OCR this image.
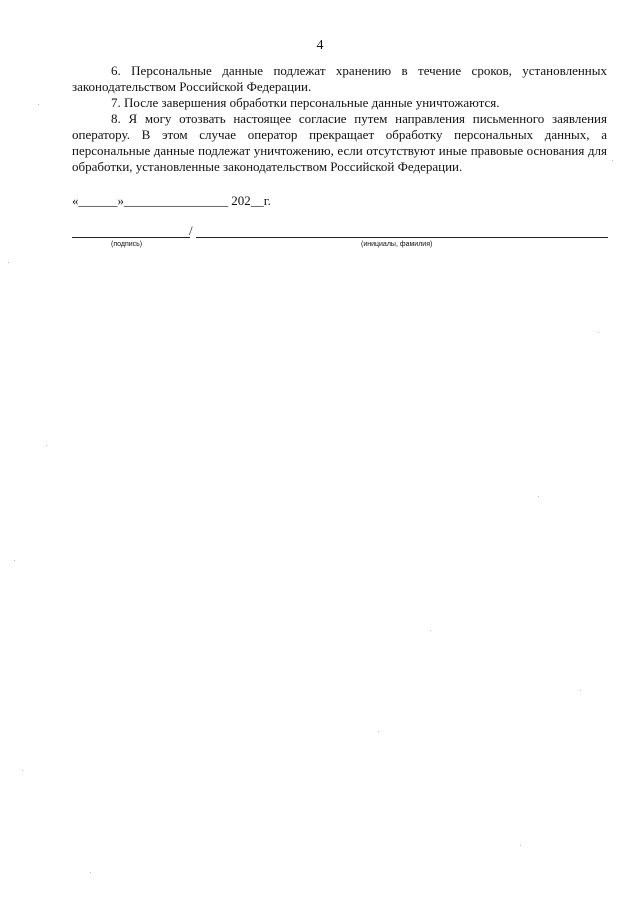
4

6. Персональные данные подлежат хранению в течение сроков, установленных законодательством Российской Федерации.

7. После завершения обработки персональные данные уничтожаются.

8. Я могу отозвать настоящее согласие путем направления письменного заявления оператору. В этом случае оператор прекращает обработку персональных данных, а персональные данные подлежат уничтожению, если отсутствуют иные правовые основания для обработки, установленные законодательством Российской Федерации.

«______»________________ 202__г.
/
(подпись)	(инициалы, фамилия)
